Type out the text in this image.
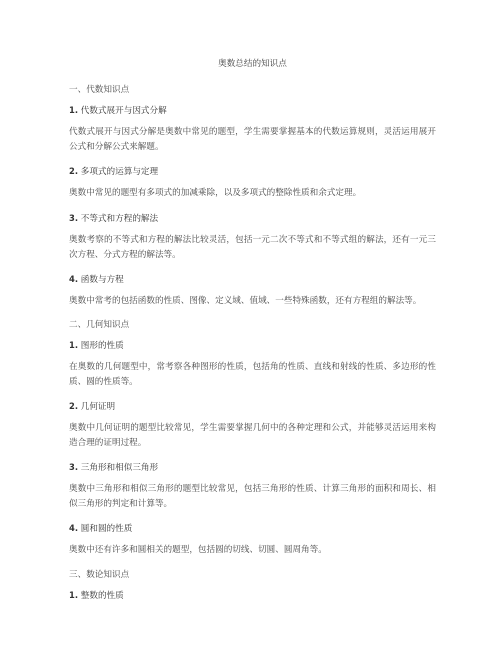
奥数总结的知识点
一、代数知识点
1. 代数式展开与因式分解
代数式展开与因式分解是奥数中常见的题型，学生需要掌握基本的代数运算规则，灵活运用展开公式和分解公式来解题。
2. 多项式的运算与定理
奥数中常见的题型有多项式的加减乘除，以及多项式的整除性质和余式定理。
3. 不等式和方程的解法
奥数考察的不等式和方程的解法比较灵活，包括一元二次不等式和不等式组的解法，还有一元三次方程、分式方程的解法等。
4. 函数与方程
奥数中常考的包括函数的性质、图像、定义域、值域、一些特殊函数，还有方程组的解法等。
二、几何知识点
1. 图形的性质
在奥数的几何题型中，常考察各种图形的性质，包括角的性质、直线和射线的性质、多边形的性质、圆的性质等。
2. 几何证明
奥数中几何证明的题型比较常见，学生需要掌握几何中的各种定理和公式，并能够灵活运用来构造合理的证明过程。
3. 三角形和相似三角形
奥数中三角形和相似三角形的题型比较常见，包括三角形的性质、计算三角形的面积和周长、相似三角形的判定和计算等。
4. 圆和圆的性质
奥数中还有许多和圆相关的题型，包括圆的切线、切圆、圆周角等。
三、数论知识点
1. 整数的性质
